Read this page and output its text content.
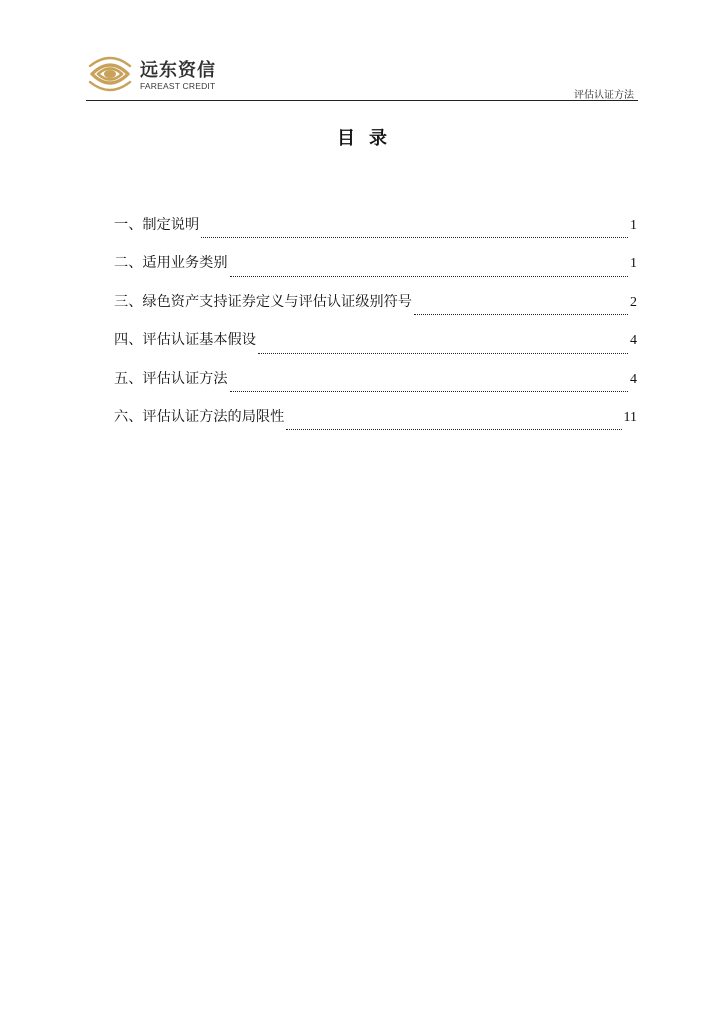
远东资信
FAREAST CREDIT
评估认证方法
目录
一、制定说明	1
二、适用业务类别	1
三、绿色资产支持证券定义与评估认证级别符号	2
四、评估认证基本假设	4
五、评估认证方法	4
六、评估认证方法的局限性	11
